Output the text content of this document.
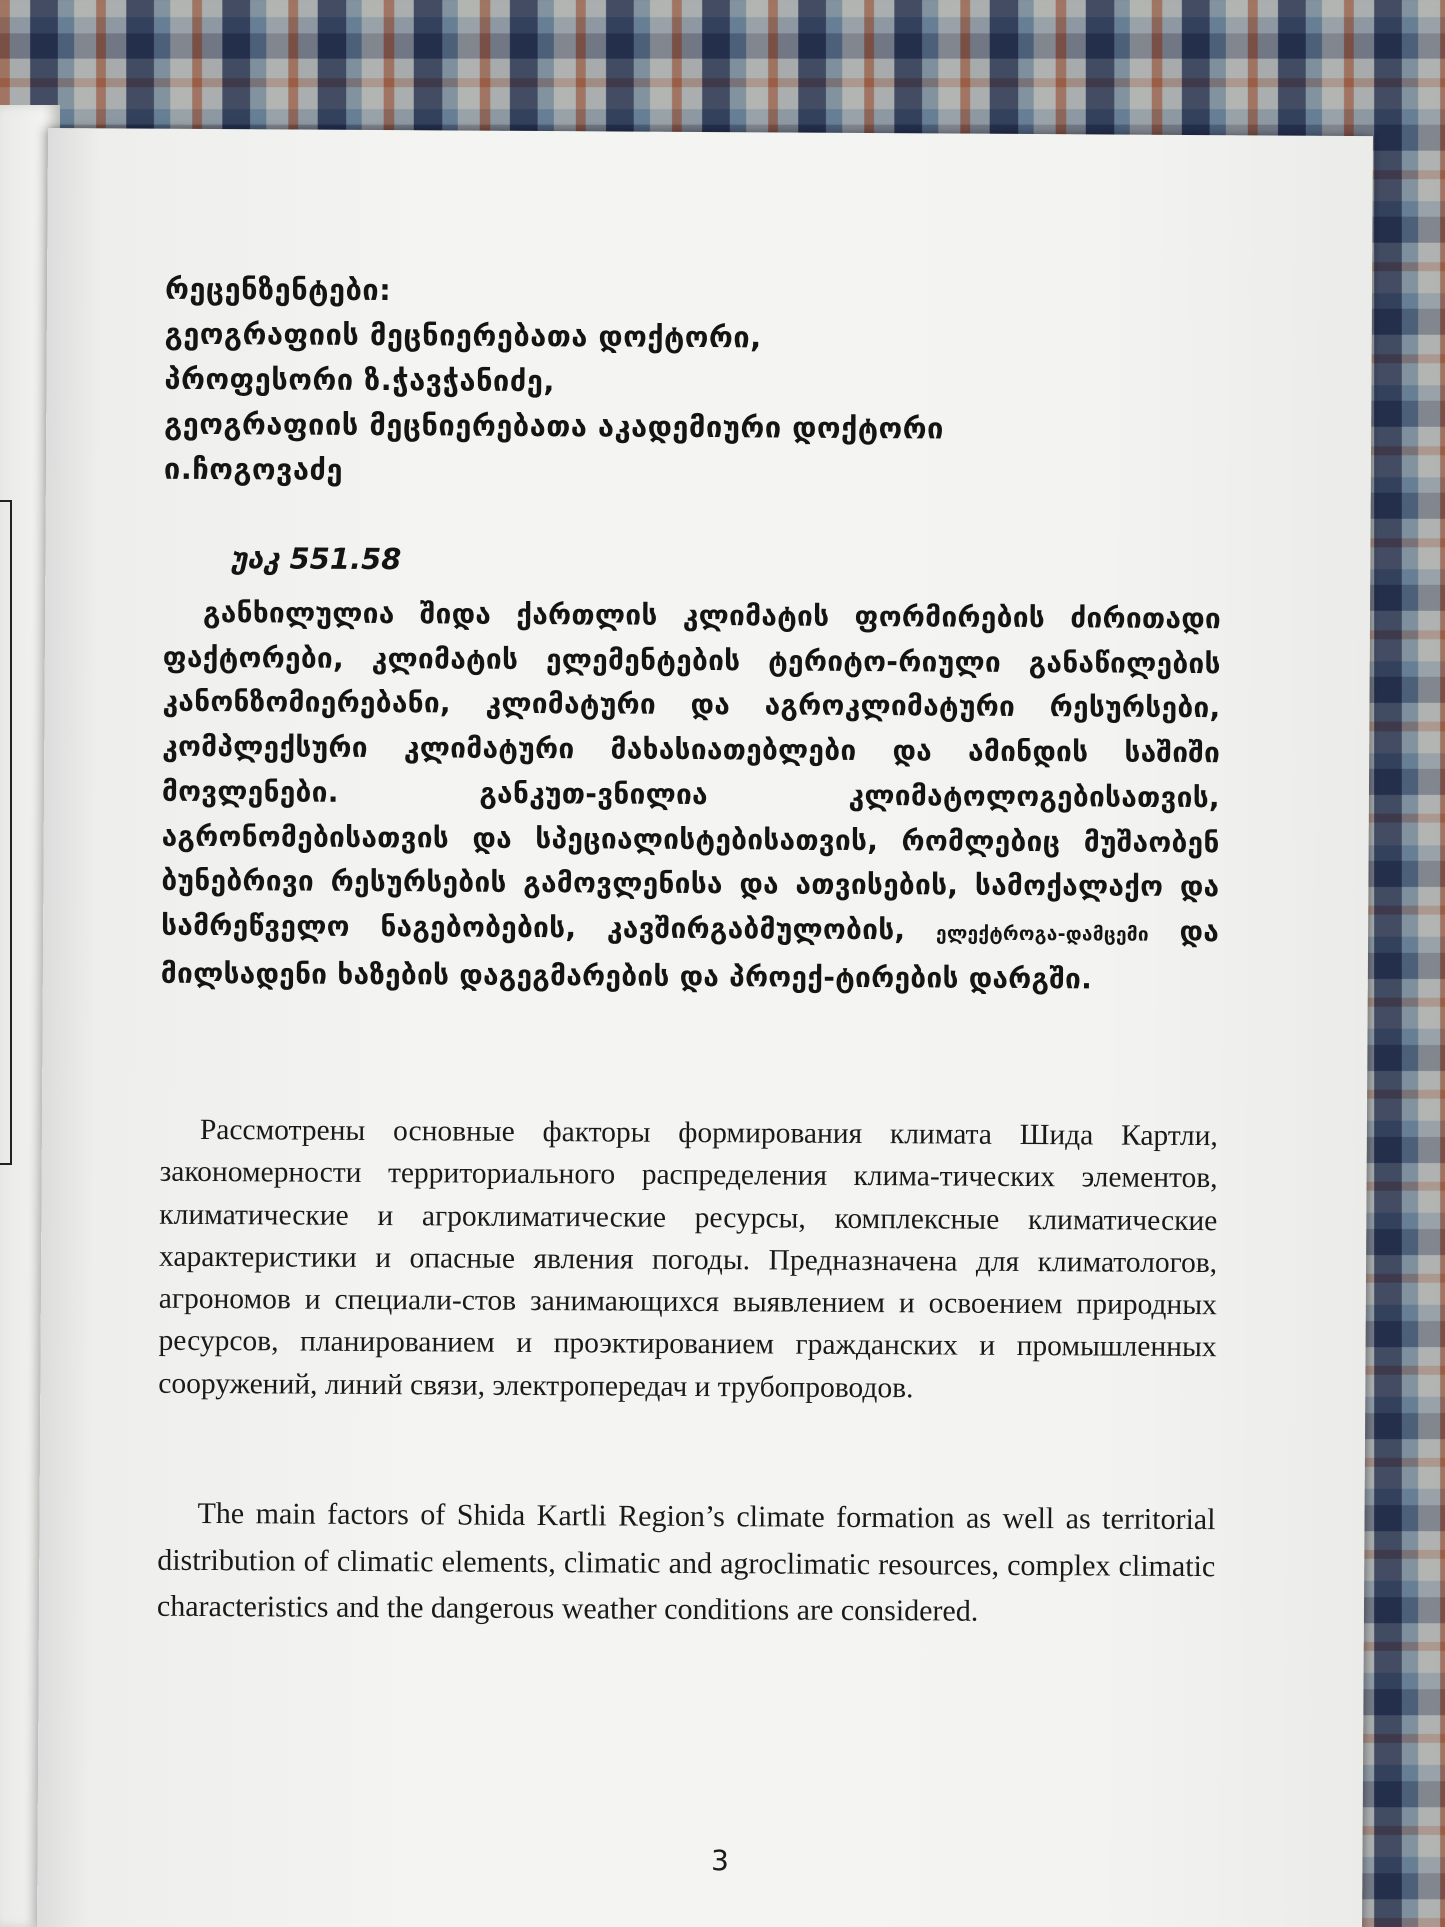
რეცენზენტები:
გეოგრაფიის მეცნიერებათა დოქტორი,
პროფესორი ზ.ჭავჭანიძე,
გეოგრაფიის მეცნიერებათა აკადემიური დოქტორი
ი.ჩოგოვაძე
უაკ 551.58

განხილულია შიდა ქართლის კლიმატის ფორმირების ძირითადი ფაქტორები, კლიმატის ელემენტების ტერიტო-რიული განაწილების კანონზომიერებანი, კლიმატური და აგროკლიმატური რესურსები, კომპლექსური კლიმატური მახასიათებლები და ამინდის საშიში მოვლენები. განკუთ-ვნილია კლიმატოლოგებისათვის, აგრონომებისათვის და სპეციალისტებისათვის, რომლებიც მუშაობენ ბუნებრივი რესურსების გამოვლენისა და ათვისების, სამოქალაქო და სამრეწველო ნაგებობების, კავშირგაბმულობის, ელექტროგა-დამცემი და მილსადენი ხაზების დაგეგმარების და პროექ-ტირების დარგში.

Рассмотрены основные факторы формирования климата Шида Картли, закономерности территориального распределения клима-тических элементов, климатические и агроклиматические ресурсы, комплексные климатические характеристики и опасные явления погоды. Предназначена для климатологов, агрономов и специали-стов занимающихся выявлением и освоением природных ресурсов, планированием и проэктированием гражданских и промышленных сооружений, линий связи, электропередач и трубопроводов.

The main factors of Shida Kartli Region’s climate formation as well as territorial distribution of climatic elements, climatic and agroclimatic resources, complex climatic characteristics and the dangerous weather conditions are considered.

3
